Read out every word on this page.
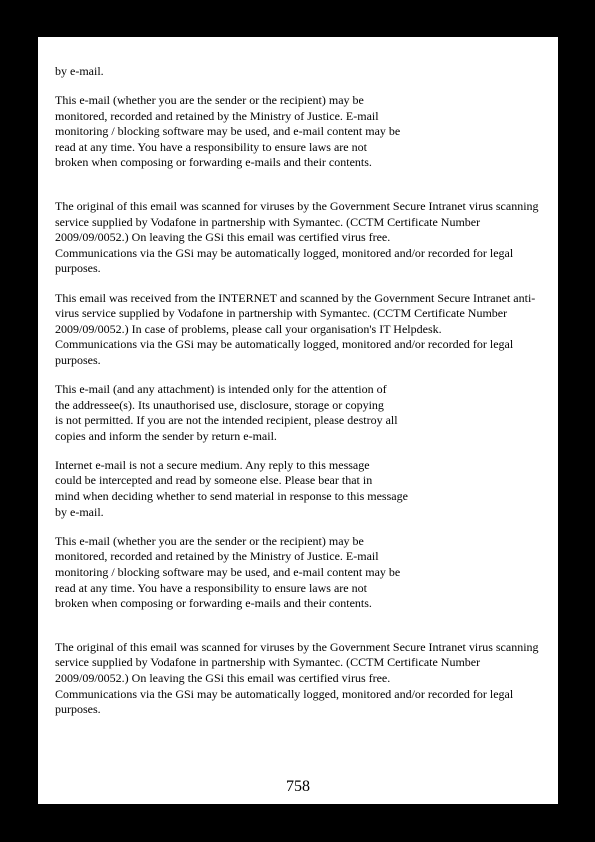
by e-mail.
This e-mail (whether you are the sender or the recipient) may be
monitored, recorded and retained by the Ministry of Justice. E-mail
monitoring / blocking software may be used, and e-mail content may be
read at any time. You have a responsibility to ensure laws are not
broken when composing or forwarding e-mails and their contents.
The original of this email was scanned for viruses by the Government Secure Intranet virus scanning
service supplied by Vodafone in partnership with Symantec. (CCTM Certificate Number
2009/09/0052.) On leaving the GSi this email was certified virus free.
Communications via the GSi may be automatically logged, monitored and/or recorded for legal
purposes.
This email was received from the INTERNET and scanned by the Government Secure Intranet anti-
virus service supplied by Vodafone in partnership with Symantec. (CCTM Certificate Number
2009/09/0052.) In case of problems, please call your organisation's IT Helpdesk.
Communications via the GSi may be automatically logged, monitored and/or recorded for legal
purposes.
This e-mail (and any attachment) is intended only for the attention of
the addressee(s). Its unauthorised use, disclosure, storage or copying
is not permitted. If you are not the intended recipient, please destroy all
copies and inform the sender by return e-mail.
Internet e-mail is not a secure medium. Any reply to this message
could be intercepted and read by someone else. Please bear that in
mind when deciding whether to send material in response to this message
by e-mail.
This e-mail (whether you are the sender or the recipient) may be
monitored, recorded and retained by the Ministry of Justice. E-mail
monitoring / blocking software may be used, and e-mail content may be
read at any time. You have a responsibility to ensure laws are not
broken when composing or forwarding e-mails and their contents.
The original of this email was scanned for viruses by the Government Secure Intranet virus scanning
service supplied by Vodafone in partnership with Symantec. (CCTM Certificate Number
2009/09/0052.) On leaving the GSi this email was certified virus free.
Communications via the GSi may be automatically logged, monitored and/or recorded for legal
purposes.
758
